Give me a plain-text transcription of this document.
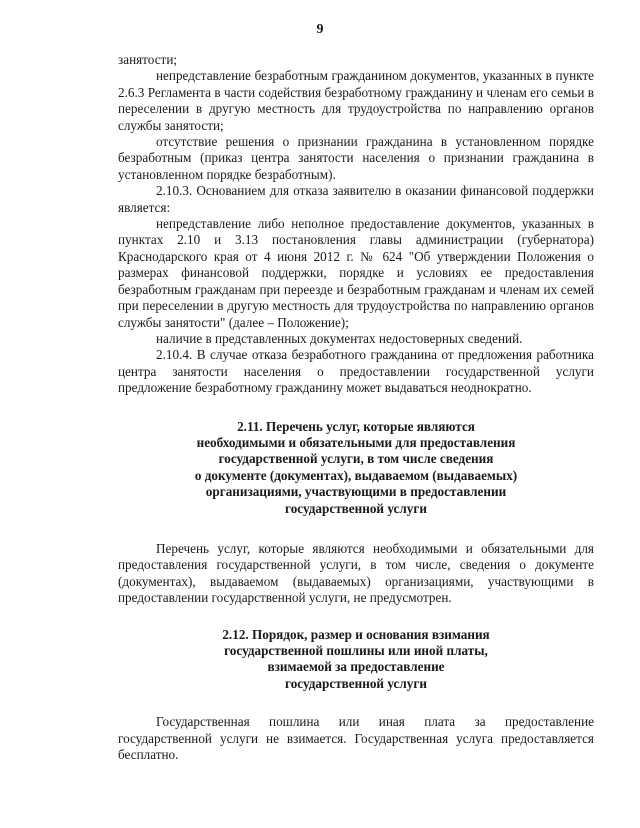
9

занятости;

непредставление безработным гражданином документов, указанных в пункте 2.6.3 Регламента в части содействия безработному гражданину и членам его семьи в переселении в другую местность для трудоустройства по направлению органов службы занятости;

отсутствие решения о признании гражданина в установленном порядке безработным (приказ центра занятости населения о признании гражданина в установленном порядке безработным).

2.10.3. Основанием для отказа заявителю в оказании финансовой поддержки является:

непредставление либо неполное предоставление документов, указанных в пунктах 2.10 и 3.13 постановления главы администрации (губернатора) Краснодарского края от 4 июня 2012 г. № 624 "Об утверждении Положения о размерах финансовой поддержки, порядке и условиях ее предоставления безработным гражданам при переезде и безработным гражданам и членам их семей при переселении в другую местность для трудоустройства по направлению органов службы занятости" (далее – Положение);

наличие в представленных документах недостоверных сведений.

2.10.4. В случае отказа безработного гражданина от предложения работника центра занятости населения о предоставлении государственной услуги предложение безработному гражданину может выдаваться неоднократно.

2.11. Перечень услуг, которые являются

необходимыми и обязательными для предоставления

государственной услуги, в том числе сведения

о документе (документах), выдаваемом (выдаваемых)

организациями, участвующими в предоставлении

государственной услуги

Перечень услуг, которые являются необходимыми и обязательными для предоставления государственной услуги, в том числе, сведения о документе (документах), выдаваемом (выдаваемых) организациями, участвующими в предоставлении государственной услуги, не предусмотрен.

2.12. Порядок, размер и основания взимания

государственной пошлины или иной платы,

взимаемой за предоставление

государственной услуги

Государственная пошлина или иная плата за предоставление государственной услуги не взимается. Государственная услуга предоставляется бесплатно.
